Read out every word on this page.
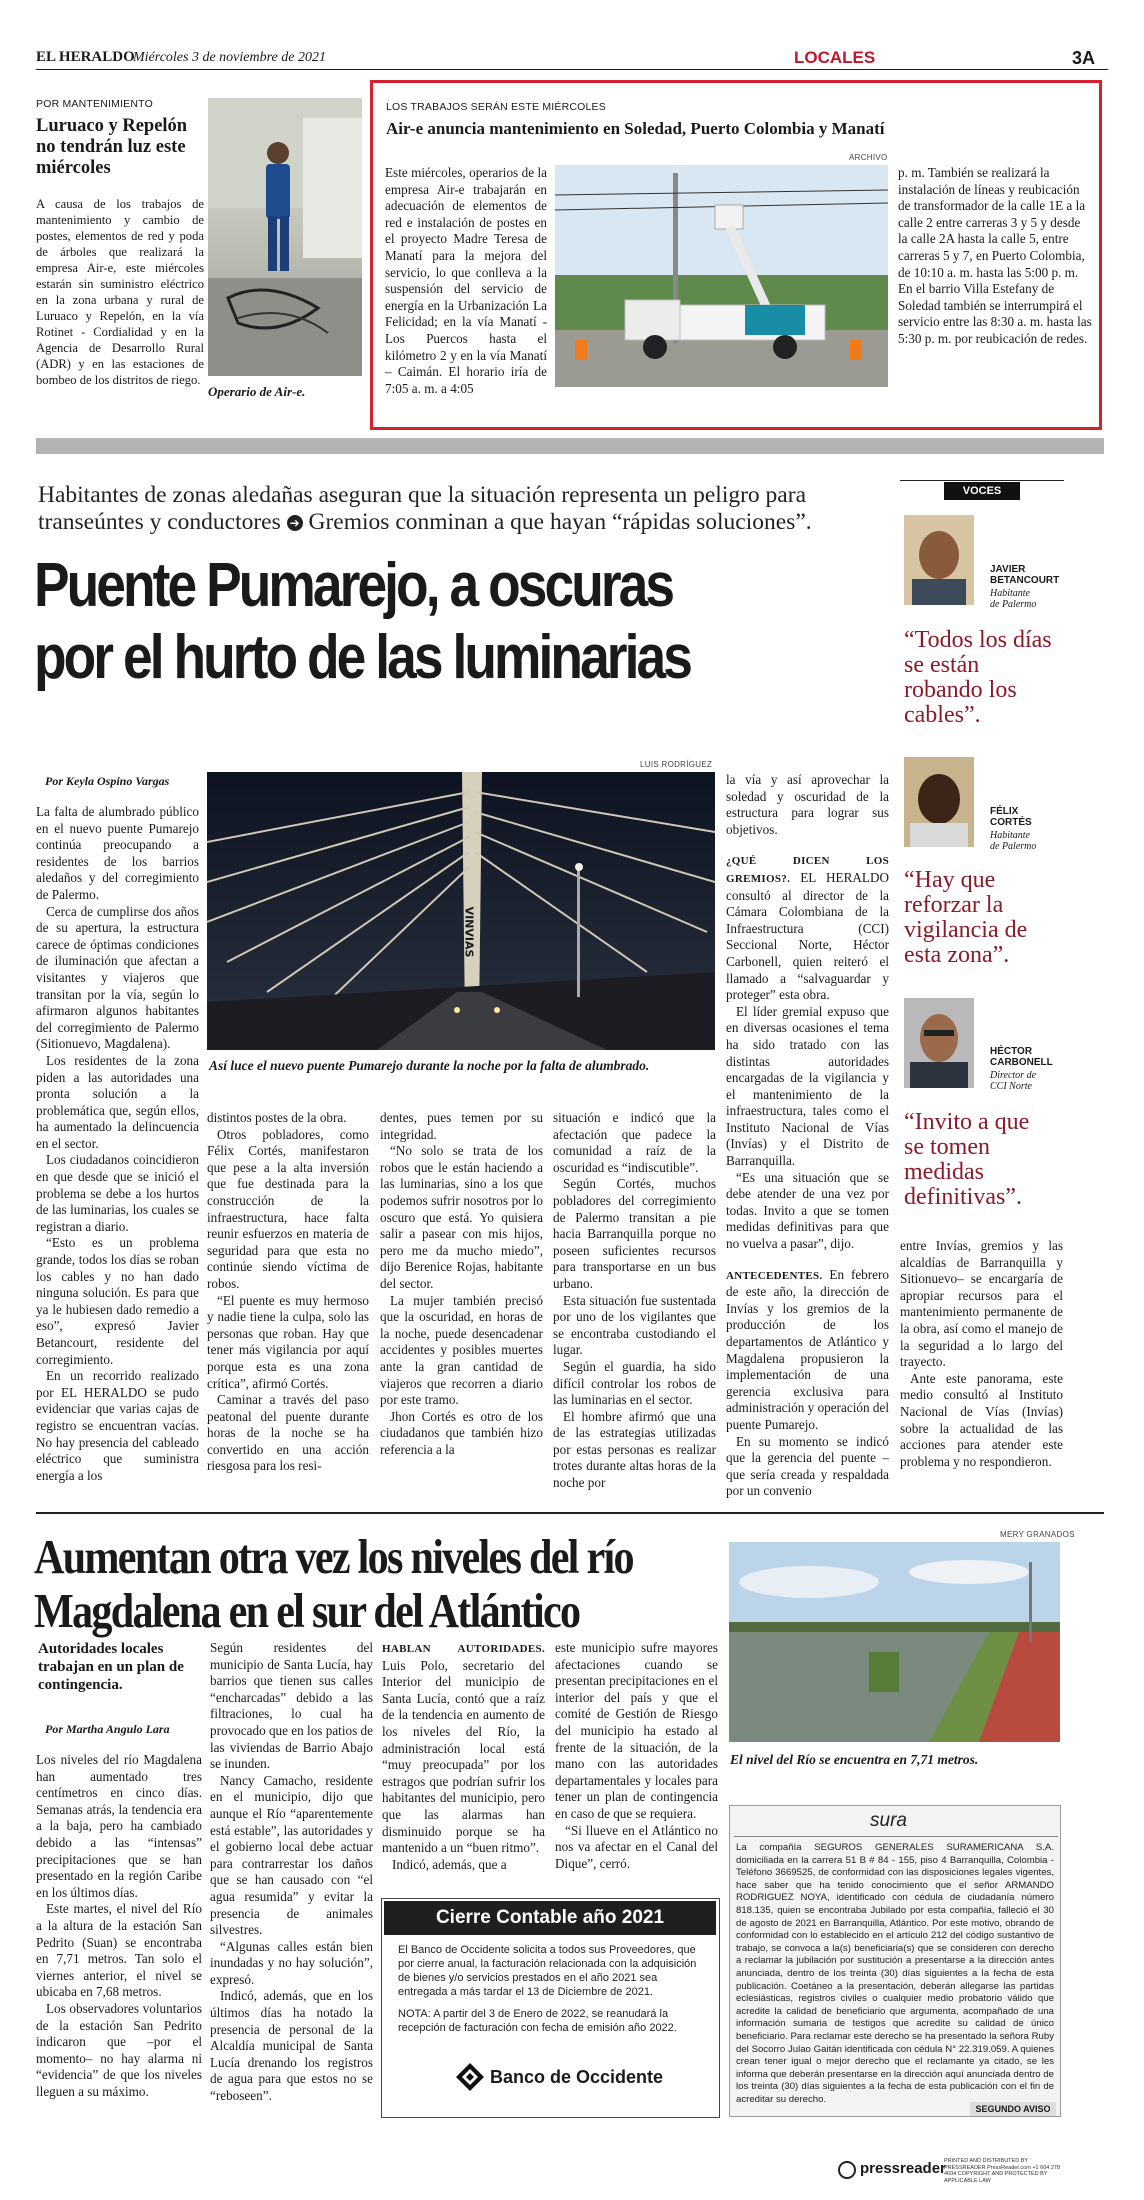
EL HERALDO
Miércoles 3 de noviembre de 2021	LOCALES	3A
POR MANTENIMIENTO
Luruaco y Repelón no tendrán luz este miércoles

A causa de los trabajos de mantenimiento y cambio de postes, elementos de red y poda de árboles que realizará la empresa Air-e, este miércoles estarán sin suministro eléctrico en la zona urbana y rural de Luruaco y Repelón, en la vía Rotinet - Cordialidad y en la Agencia de Desarrollo Rural (ADR) y en las estaciones de bombeo de los distritos de riego.

Operario de Air-e.
LOS TRABAJOS SERÁN ESTE MIÉRCOLES
Air-e anuncia mantenimiento en Soledad, Puerto Colombia y Manatí
ARCHIVO

Este miércoles, operarios de la empresa Air-e trabajarán en adecuación de elementos de red e instalación de postes en el proyecto Madre Teresa de Manatí para la mejora del servicio, lo que conlleva a la suspensión del servicio de energía en la Urbanización La Felicidad; en la vía Manatí - Los Puercos hasta el kilómetro 2 y en la vía Manatí – Caimán. El horario iría de 7:05 a. m. a 4:05

p. m. También se realizará la instalación de líneas y reubicación de transformador de la calle 1E a la calle 2 entre carreras 3 y 5 y desde la calle 2A hasta la calle 5, entre carreras 5 y 7, en Puerto Colombia, de 10:10 a. m. hasta las 5:00 p. m. En el barrio Villa Estefany de Soledad también se interrumpirá el servicio entre las 8:30 a. m. hasta las 5:30 p. m. por reubicación de redes.

Habitantes de zonas aledañas aseguran que la situación representa un peligro para
transeúntes y conductores ➔ Gremios conminan a que hayan “rápidas soluciones”.
Puente Pumarejo, a oscuras
por el hurto de las luminarias
Por Keyla Ospino Vargas

La falta de alumbrado público en el nuevo puente Pumarejo continúa preocupando a residentes de los barrios aledaños y del corregimiento de Palermo.

Cerca de cumplirse dos años de su apertura, la estructura carece de óptimas condiciones de iluminación que afectan a visitantes y viajeros que transitan por la vía, según lo afirmaron algunos habitantes del corregimiento de Palermo (Sitionuevo, Magdalena).

Los residentes de la zona piden a las autoridades una pronta solución a la problemática que, según ellos, ha aumentado la delincuencia en el sector.

Los ciudadanos coincidieron en que desde que se inició el problema se debe a los hurtos de las luminarias, los cuales se registran a diario.

“Esto es un problema grande, todos los días se roban los cables y no han dado ninguna solución. Es para que ya le hubiesen dado remedio a eso”, expresó Javier Betancourt, residente del corregimiento.

En un recorrido realizado por EL HERALDO se pudo evidenciar que varias cajas de registro se encuentran vacías. No hay presencia del cableado eléctrico que suministra energía a los

LUIS RODRÍGUEZ
VINVIAS
Así luce el nuevo puente Pumarejo durante la noche por la falta de alumbrado.

distintos postes de la obra.

Otros pobladores, como Félix Cortés, manifestaron que pese a la alta inversión que fue destinada para la construcción de la infraestructura, hace falta reunir esfuerzos en materia de seguridad para que esta no continúe siendo víctima de robos.

“El puente es muy hermoso y nadie tiene la culpa, solo las personas que roban. Hay que tener más vigilancia por aquí porque esta es una zona crítica”, afirmó Cortés.

Caminar a través del paso peatonal del puente durante horas de la noche se ha convertido en una acción riesgosa para los resi-

dentes, pues temen por su integridad.

“No solo se trata de los robos que le están haciendo a las luminarias, sino a los que podemos sufrir nosotros por lo oscuro que está. Yo quisiera salir a pasear con mis hijos, pero me da mucho miedo”, dijo Berenice Rojas, habitante del sector.

La mujer también precisó que la oscuridad, en horas de la noche, puede desencadenar accidentes y posibles muertes ante la gran cantidad de viajeros que recorren a diario por este tramo.

Jhon Cortés es otro de los ciudadanos que también hizo referencia a la

situación e indicó que la afectación que padece la comunidad a raíz de la oscuridad es “indiscutible”.

Según Cortés, muchos pobladores del corregimiento de Palermo transitan a pie hacia Barranquilla porque no poseen suficientes recursos para transportarse en un bus urbano.

Esta situación fue sustentada por uno de los vigilantes que se encontraba custodiando el lugar.

Según el guardia, ha sido difícil controlar los robos de las luminarias en el sector.

El hombre afirmó que una de las estrategias utilizadas por estas personas es realizar trotes durante altas horas de la noche por

la vía y así aprovechar la soledad y oscuridad de la estructura para lograr sus objetivos.

¿QUÉ DICEN LOS GREMIOS?. EL HERALDO consultó al director de la Cámara Colombiana de la Infraestructura (CCI) Seccional Norte, Héctor Carbonell, quien reiteró el llamado a “salvaguardar y proteger” esta obra.

El líder gremial expuso que en diversas ocasiones el tema ha sido tratado con las distintas autoridades encargadas de la vigilancia y el mantenimiento de la infraestructura, tales como el Instituto Nacional de Vías (Invías) y el Distrito de Barranquilla.

“Es una situación que se debe atender de una vez por todas. Invito a que se tomen medidas definitivas para que no vuelva a pasar”, dijo.

ANTECEDENTES. En febrero de este año, la dirección de Invías y los gremios de la producción de los departamentos de Atlántico y Magdalena propusieron la implementación de una gerencia exclusiva para administración y operación del puente Pumarejo.

En su momento se indicó que la gerencia del puente –que sería creada y respaldada por un convenio

entre Invías, gremios y las alcaldías de Barranquilla y Sitionuevo– se encargaría de apropiar recursos para el mantenimiento permanente de la obra, así como el manejo de la seguridad a lo largo del trayecto.

Ante este panorama, este medio consultó al Instituto Nacional de Vías (Invías) sobre la actualidad de las acciones para atender este problema y no respondieron.

VOCES
JAVIER
BETANCOURT
Habitante
de Palermo
“Todos los días se están robando los cables”.
FÉLIX
CORTÉS
Habitante
de Palermo
“Hay que reforzar la vigilancia de esta zona”.
HÉCTOR
CARBONELL
Director de
CCI Norte
“Invito a que se tomen medidas definitivas”.
Aumentan otra vez los niveles del río
Magdalena en el sur del Atlántico
Autoridades locales trabajan en un plan de contingencia.
Por Martha Angulo Lara

Los niveles del río Magdalena han aumentado tres centímetros en cinco días. Semanas atrás, la tendencia era a la baja, pero ha cambiado debido a las “intensas” precipitaciones que se han presentado en la región Caribe en los últimos días.

Este martes, el nivel del Río a la altura de la estación San Pedrito (Suan) se encontraba en 7,71 metros. Tan solo el viernes anterior, el nivel se ubicaba en 7,68 metros.

Los observadores voluntarios de la estación San Pedrito indicaron que –por el momento– no hay alarma ni “evidencia” de que los niveles lleguen a su máximo.

Según residentes del municipio de Santa Lucía, hay barrios que tienen sus calles “encharcadas” debido a las filtraciones, lo cual ha provocado que en los patios de las viviendas de Barrio Abajo se inunden.

Nancy Camacho, residente en el municipio, dijo que aunque el Río “aparentemente está estable”, las autoridades y el gobierno local debe actuar para contrarrestar los daños que se han causado con “el agua resumida” y evitar la presencia de animales silvestres.

“Algunas calles están bien inundadas y no hay solución”, expresó.

Indicó, además, que en los últimos días ha notado la presencia de personal de la Alcaldía municipal de Santa Lucía drenando los registros de agua para que estos no se “reboseen”.

HABLAN AUTORIDADES. Luis Polo, secretario del Interior del municipio de Santa Lucía, contó que a raíz de la tendencia en aumento de los niveles del Río, la administración local está “muy preocupada” por los estragos que podrían sufrir los habitantes del municipio, pero que las alarmas han disminuido porque se ha mantenido a un “buen ritmo”.

Indicó, además, que a

este municipio sufre mayores afectaciones cuando se presentan precipitaciones en el interior del país y que el comité de Gestión de Riesgo del municipio ha estado al frente de la situación, de la mano con las autoridades departamentales y locales para tener un plan de contingencia en caso de que se requiera.

“Si llueve en el Atlántico no nos va afectar en el Canal del Dique”, cerró.

MERY GRANADOS
El nivel del Río se encuentra en 7,71 metros.
Cierre Contable año 2021
El Banco de Occidente solicita a todos sus Proveedores, que por cierre anual, la facturación relacionada con la adquisición de bienes y/o servicios prestados en el año 2021 sea entregada a más tardar el 13 de Diciembre de 2021.
NOTA: A partir del 3 de Enero de 2022, se reanudará la recepción de facturación con fecha de emisión año 2022.
Banco de Occidente
sura
La compañía SEGUROS GENERALES SURAMERICANA S.A. domiciliada en la carrera 51 B # 84 - 155, piso 4 Barranquilla, Colombia - Teléfono 3669525, de conformidad con las disposiciones legales vigentes, hace saber que ha tenido conocimiento que el señor ARMANDO RODRIGUEZ NOYA, identificado con cédula de ciudadanía número 818.135, quien se encontraba Jubilado por esta compañía, falleció el 30 de agosto de 2021 en Barranquilla, Atlántico. Por este motivo, obrando de conformidad con lo establecido en el artículo 212 del código sustantivo de trabajo, se convoca a la(s) beneficiaria(s) que se consideren con derecho a reclamar la jubilación por sustitución a presentarse a la dirección antes anunciada, dentro de los treinta (30) días siguientes a la fecha de esta publicación. Coetáneo a la presentación, deberán allegarse las partidas eclesiásticas, registros civiles o cualquier medio probatorio válido que acredite la calidad de beneficiario que argumenta, acompañado de una información sumaria de testigos que acredite su calidad de único beneficiario. Para reclamar este derecho se ha presentado la señora Ruby del Socorro Julao Gaitán identificada con cédula N° 22.319.059. A quienes crean tener igual o mejor derecho que el reclamante ya citado, se les informa que deberán presentarse en la dirección aquí anunciada dentro de los treinta (30) días siguientes a la fecha de esta publicación con el fin de acreditar su derecho.
SEGUNDO AVISO
pressreader
PRINTED AND DISTRIBUTED BY PRESSREADER PressReader.com +1 604 278 4604 COPYRIGHT AND PROTECTED BY APPLICABLE LAW
